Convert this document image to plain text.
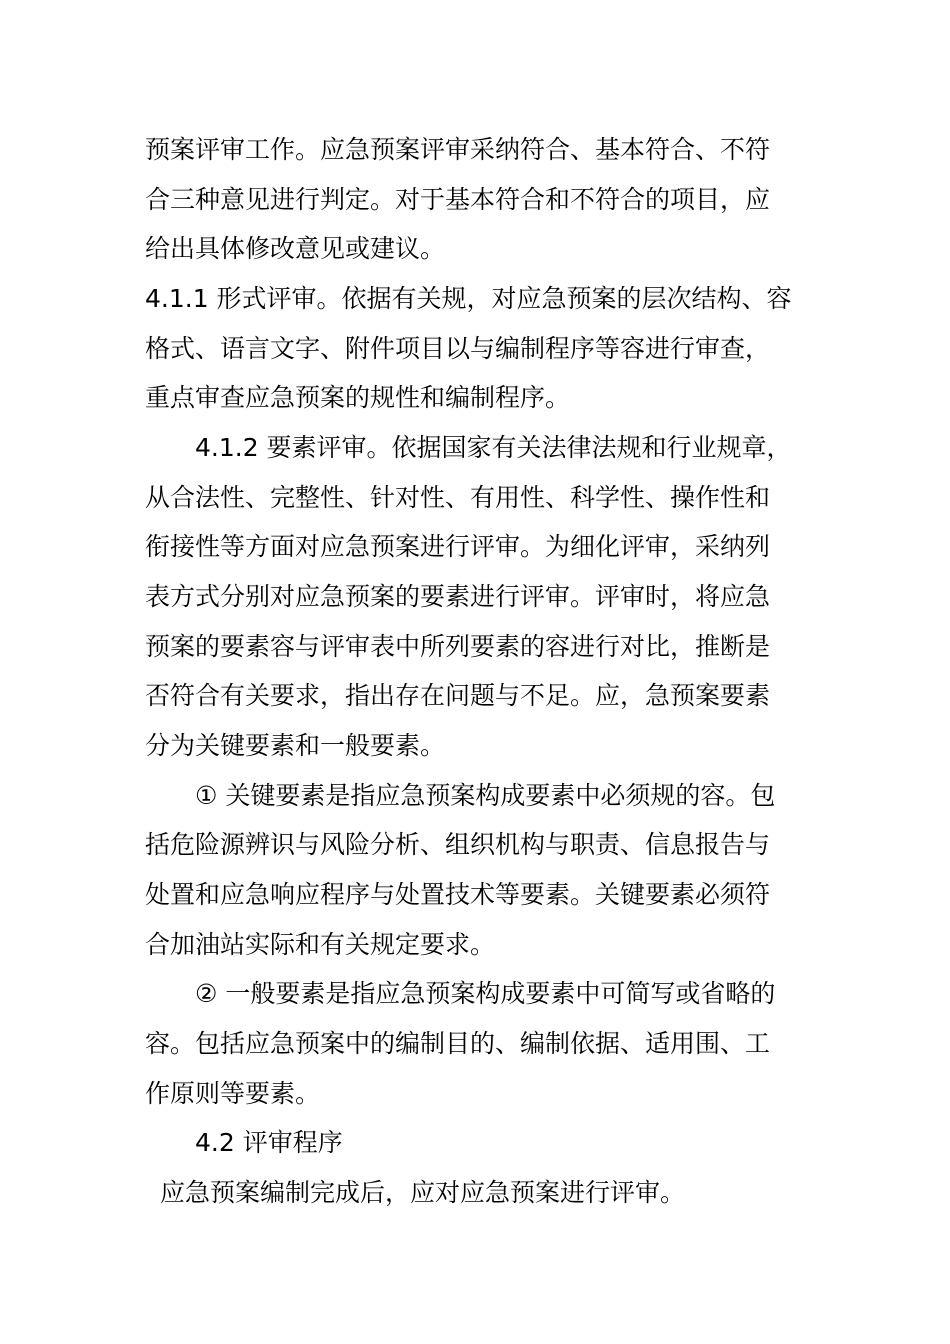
预案评审工作。应急预案评审采纳符合、基本符合、不符
合三种意见进行判定。对于基本符合和不符合的项目，应
给出具体修改意见或建议。
4.1.1 形式评审。依据有关规，对应急预案的层次结构、容
格式、语言文字、附件项目以与编制程序等容进行审查，
重点审查应急预案的规性和编制程序。
4.1.2 要素评审。依据国家有关法律法规和行业规章，
从合法性、完整性、针对性、有用性、科学性、操作性和
衔接性等方面对应急预案进行评审。为细化评审，采纳列
表方式分别对应急预案的要素进行评审。评审时，将应急
预案的要素容与评审表中所列要素的容进行对比，推断是
否符合有关要求，指出存在问题与不足。应，急预案要素
分为关键要素和一般要素。
① 关键要素是指应急预案构成要素中必须规的容。包
括危险源辨识与风险分析、组织机构与职责、信息报告与
处置和应急响应程序与处置技术等要素。关键要素必须符
合加油站实际和有关规定要求。
② 一般要素是指应急预案构成要素中可简写或省略的
容。包括应急预案中的编制目的、编制依据、适用围、工
作原则等要素。
4.2 评审程序
应急预案编制完成后，应对应急预案进行评审。
